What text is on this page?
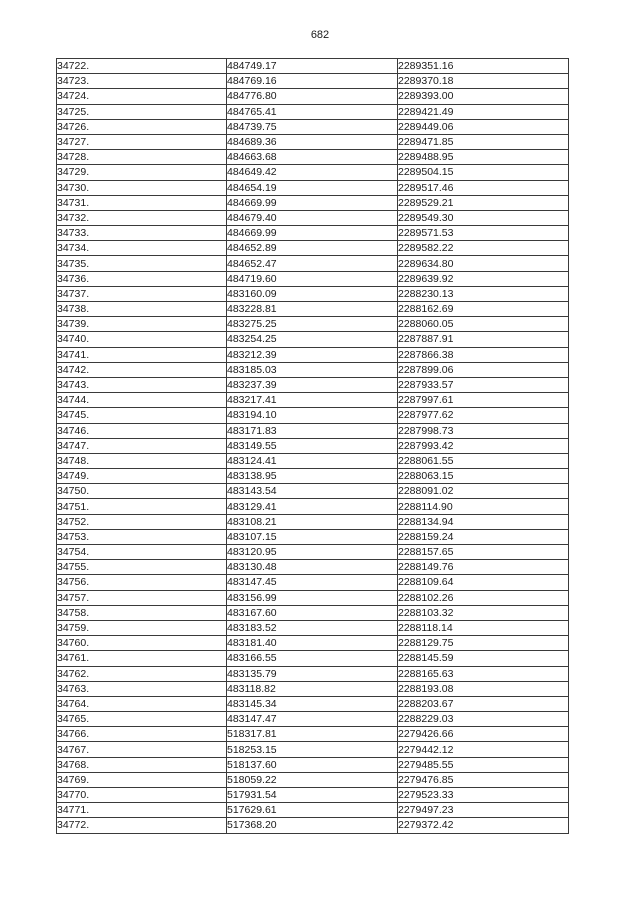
682
34722.	484749.17	2289351.16
34723.	484769.16	2289370.18
34724.	484776.80	2289393.00
34725.	484765.41	2289421.49
34726.	484739.75	2289449.06
34727.	484689.36	2289471.85
34728.	484663.68	2289488.95
34729.	484649.42	2289504.15
34730.	484654.19	2289517.46
34731.	484669.99	2289529.21
34732.	484679.40	2289549.30
34733.	484669.99	2289571.53
34734.	484652.89	2289582.22
34735.	484652.47	2289634.80
34736.	484719.60	2289639.92
34737.	483160.09	2288230.13
34738.	483228.81	2288162.69
34739.	483275.25	2288060.05
34740.	483254.25	2287887.91
34741.	483212.39	2287866.38
34742.	483185.03	2287899.06
34743.	483237.39	2287933.57
34744.	483217.41	2287997.61
34745.	483194.10	2287977.62
34746.	483171.83	2287998.73
34747.	483149.55	2287993.42
34748.	483124.41	2288061.55
34749.	483138.95	2288063.15
34750.	483143.54	2288091.02
34751.	483129.41	2288114.90
34752.	483108.21	2288134.94
34753.	483107.15	2288159.24
34754.	483120.95	2288157.65
34755.	483130.48	2288149.76
34756.	483147.45	2288109.64
34757.	483156.99	2288102.26
34758.	483167.60	2288103.32
34759.	483183.52	2288118.14
34760.	483181.40	2288129.75
34761.	483166.55	2288145.59
34762.	483135.79	2288165.63
34763.	483118.82	2288193.08
34764.	483145.34	2288203.67
34765.	483147.47	2288229.03
34766.	518317.81	2279426.66
34767.	518253.15	2279442.12
34768.	518137.60	2279485.55
34769.	518059.22	2279476.85
34770.	517931.54	2279523.33
34771.	517629.61	2279497.23
34772.	517368.20	2279372.42
